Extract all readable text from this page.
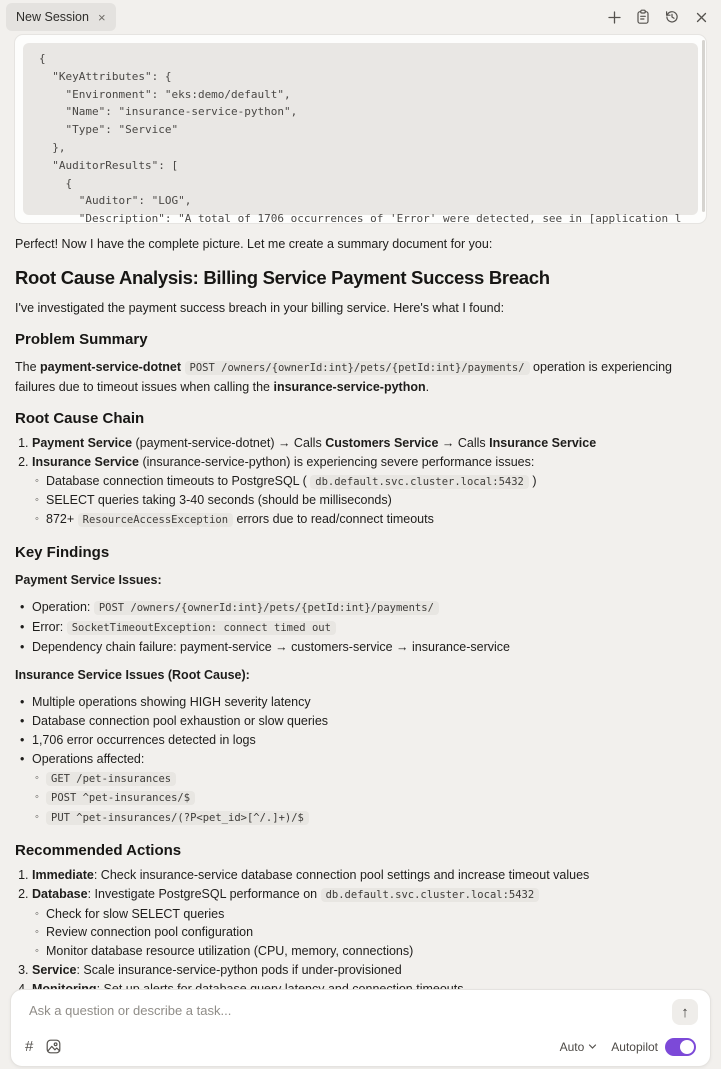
New Session ×
{
"KeyAttributes": {
"Environment": "eks:demo/default",
"Name": "insurance-service-python",
"Type": "Service"
},
"AuditorResults": [
{
"Auditor": "LOG",
"Description": "A total of 1706 occurrences of 'Error' were detected, see in [application l

Perfect! Now I have the complete picture. Let me create a summary document for you:

Root Cause Analysis: Billing Service Payment Success Breach

I've investigated the payment success breach in your billing service. Here's what I found:

Problem Summary

The payment-service-dotnet POST /owners/{ownerId:int}/pets/{petId:int}/payments/ operation is experiencing failures due to timeout issues when calling the insurance-service-python.

Root Cause Chain
1. Payment Service (payment-service-dotnet) → Calls Customers Service → Calls Insurance Service
2. Insurance Service (insurance-service-python) is experiencing severe performance issues:
◦ Database connection timeouts to PostgreSQL ( db.default.svc.cluster.local:5432 )
◦ SELECT queries taking 3-40 seconds (should be milliseconds)
◦ 872+ ResourceAccessException errors due to read/connect timeouts
Key Findings

Payment Service Issues:

• Operation: POST /owners/{ownerId:int}/pets/{petId:int}/payments/
• Error: SocketTimeoutException: connect timed out
• Dependency chain failure: payment-service → customers-service → insurance-service

Insurance Service Issues (Root Cause):

• Multiple operations showing HIGH severity latency
• Database connection pool exhaustion or slow queries
• 1,706 error occurrences detected in logs
• Operations affected:
◦ GET /pet-insurances
◦ POST ^pet-insurances/$
◦ PUT ^pet-insurances/(?P<pet_id>[^/.]+)/$
Recommended Actions
1. Immediate: Check insurance-service database connection pool settings and increase timeout values
2. Database: Investigate PostgreSQL performance on db.default.svc.cluster.local:5432
◦ Check for slow SELECT queries
◦ Review connection pool configuration
◦ Monitor database resource utilization (CPU, memory, connections)
3. Service: Scale insurance-service-python pods if under-provisioned
4.

Ask a question or describe a task...
↑
#	Auto Autopilot
